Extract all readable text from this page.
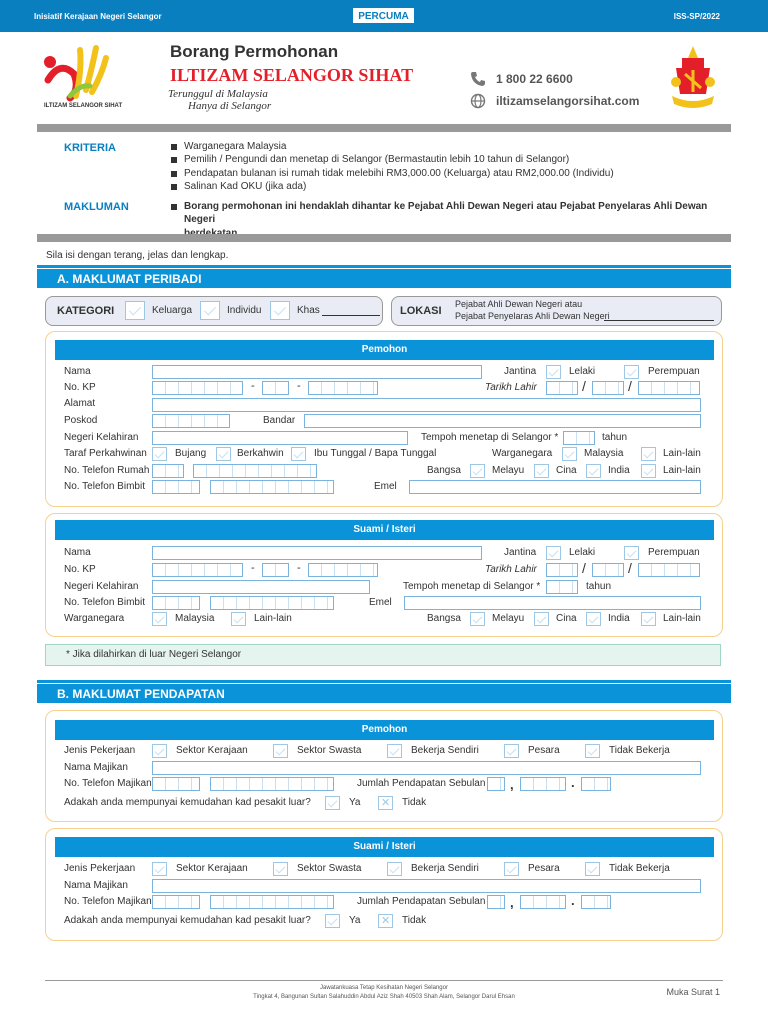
Inisiatif Kerajaan Negeri Selangor	PERCUMA	ISS-SP/2022
ILTIZAM SELANGOR SIHAT
Borang Permohonan
ILTIZAM SELANGOR SIHAT
Terunggul di Malaysia
Hanya di Selangor
1 800 22 6600
iltizamselangorsihat.com
KRITERIA	Warganegara Malaysia
Pemilih / Pengundi dan menetap di Selangor (Bermastautin lebih 10 tahun di Selangor)
Pendapatan bulanan isi rumah tidak melebihi RM3,000.00 (Keluarga) atau RM2,000.00 (Individu)
Salinan Kad OKU (jika ada)
MAKLUMAN	Borang permohonan ini hendaklah dihantar ke Pejabat Ahli Dewan Negeri atau Pejabat Penyelaras Ahli Dewan Negeri

Sila isi dengan terang, jelas dan lengkap.
A. MAKLUMAT PERIBADI
KATEGORI	Keluarga	Individu	Khas	LOKASI
Pejabat Ahli Dewan Negeri atau
Pejabat Penyelaras Ahli Dewan Negeri
Pemohon
Nama	Jantina	Lelaki	Perempuan
No. KP	-	-	Tarikh Lahir	/	/
Alamat
Poskod	Bandar
Negeri Kelahiran	Tempoh menetap di Selangor *	tahun
Taraf Perkahwinan	Bujang	Berkahwin	Ibu Tunggal / Bapa Tunggal	Warganegara	Malaysia	Lain-lain
No. Telefon Rumah	Bangsa	Melayu	Cina	India	Lain-lain
No. Telefon Bimbit	Emel
Suami / Isteri
Nama	Jantina	Lelaki	Perempuan
No. KP	-	-	Tarikh Lahir	/	/
Negeri Kelahiran	Tempoh menetap di Selangor *	tahun
No. Telefon Bimbit	Emel
Warganegara	Malaysia	Lain-lain	Bangsa	Melayu	Cina	India	Lain-lain
* Jika dilahirkan di luar Negeri Selangor
B. MAKLUMAT PENDAPATAN
Pemohon
Jenis Pekerjaan	Sektor Kerajaan	Sektor Swasta	Bekerja Sendiri	Pesara	Tidak Bekerja
Nama Majikan
No. Telefon Majikan	Jumlah Pendapatan Sebulan ,	.
Adakah anda mempunyai kemudahan kad pesakit luar?	Ya ✕	Tidak
Suami / Isteri
Jenis Pekerjaan	Sektor Kerajaan	Sektor Swasta	Bekerja Sendiri	Pesara	Tidak Bekerja
Nama Majikan
No. Telefon Majikan	Jumlah Pendapatan Sebulan ,	.
Adakah anda mempunyai kemudahan kad pesakit luar?	Ya ✕	Tidak
Jawatankuasa Tetap Kesihatan Negeri Selangor
Tingkat 4, Bangunan Sultan Salahuddin Abdul Aziz Shah 40503 Shah Alam, Selangor Darul Ehsan	Muka Surat 1
